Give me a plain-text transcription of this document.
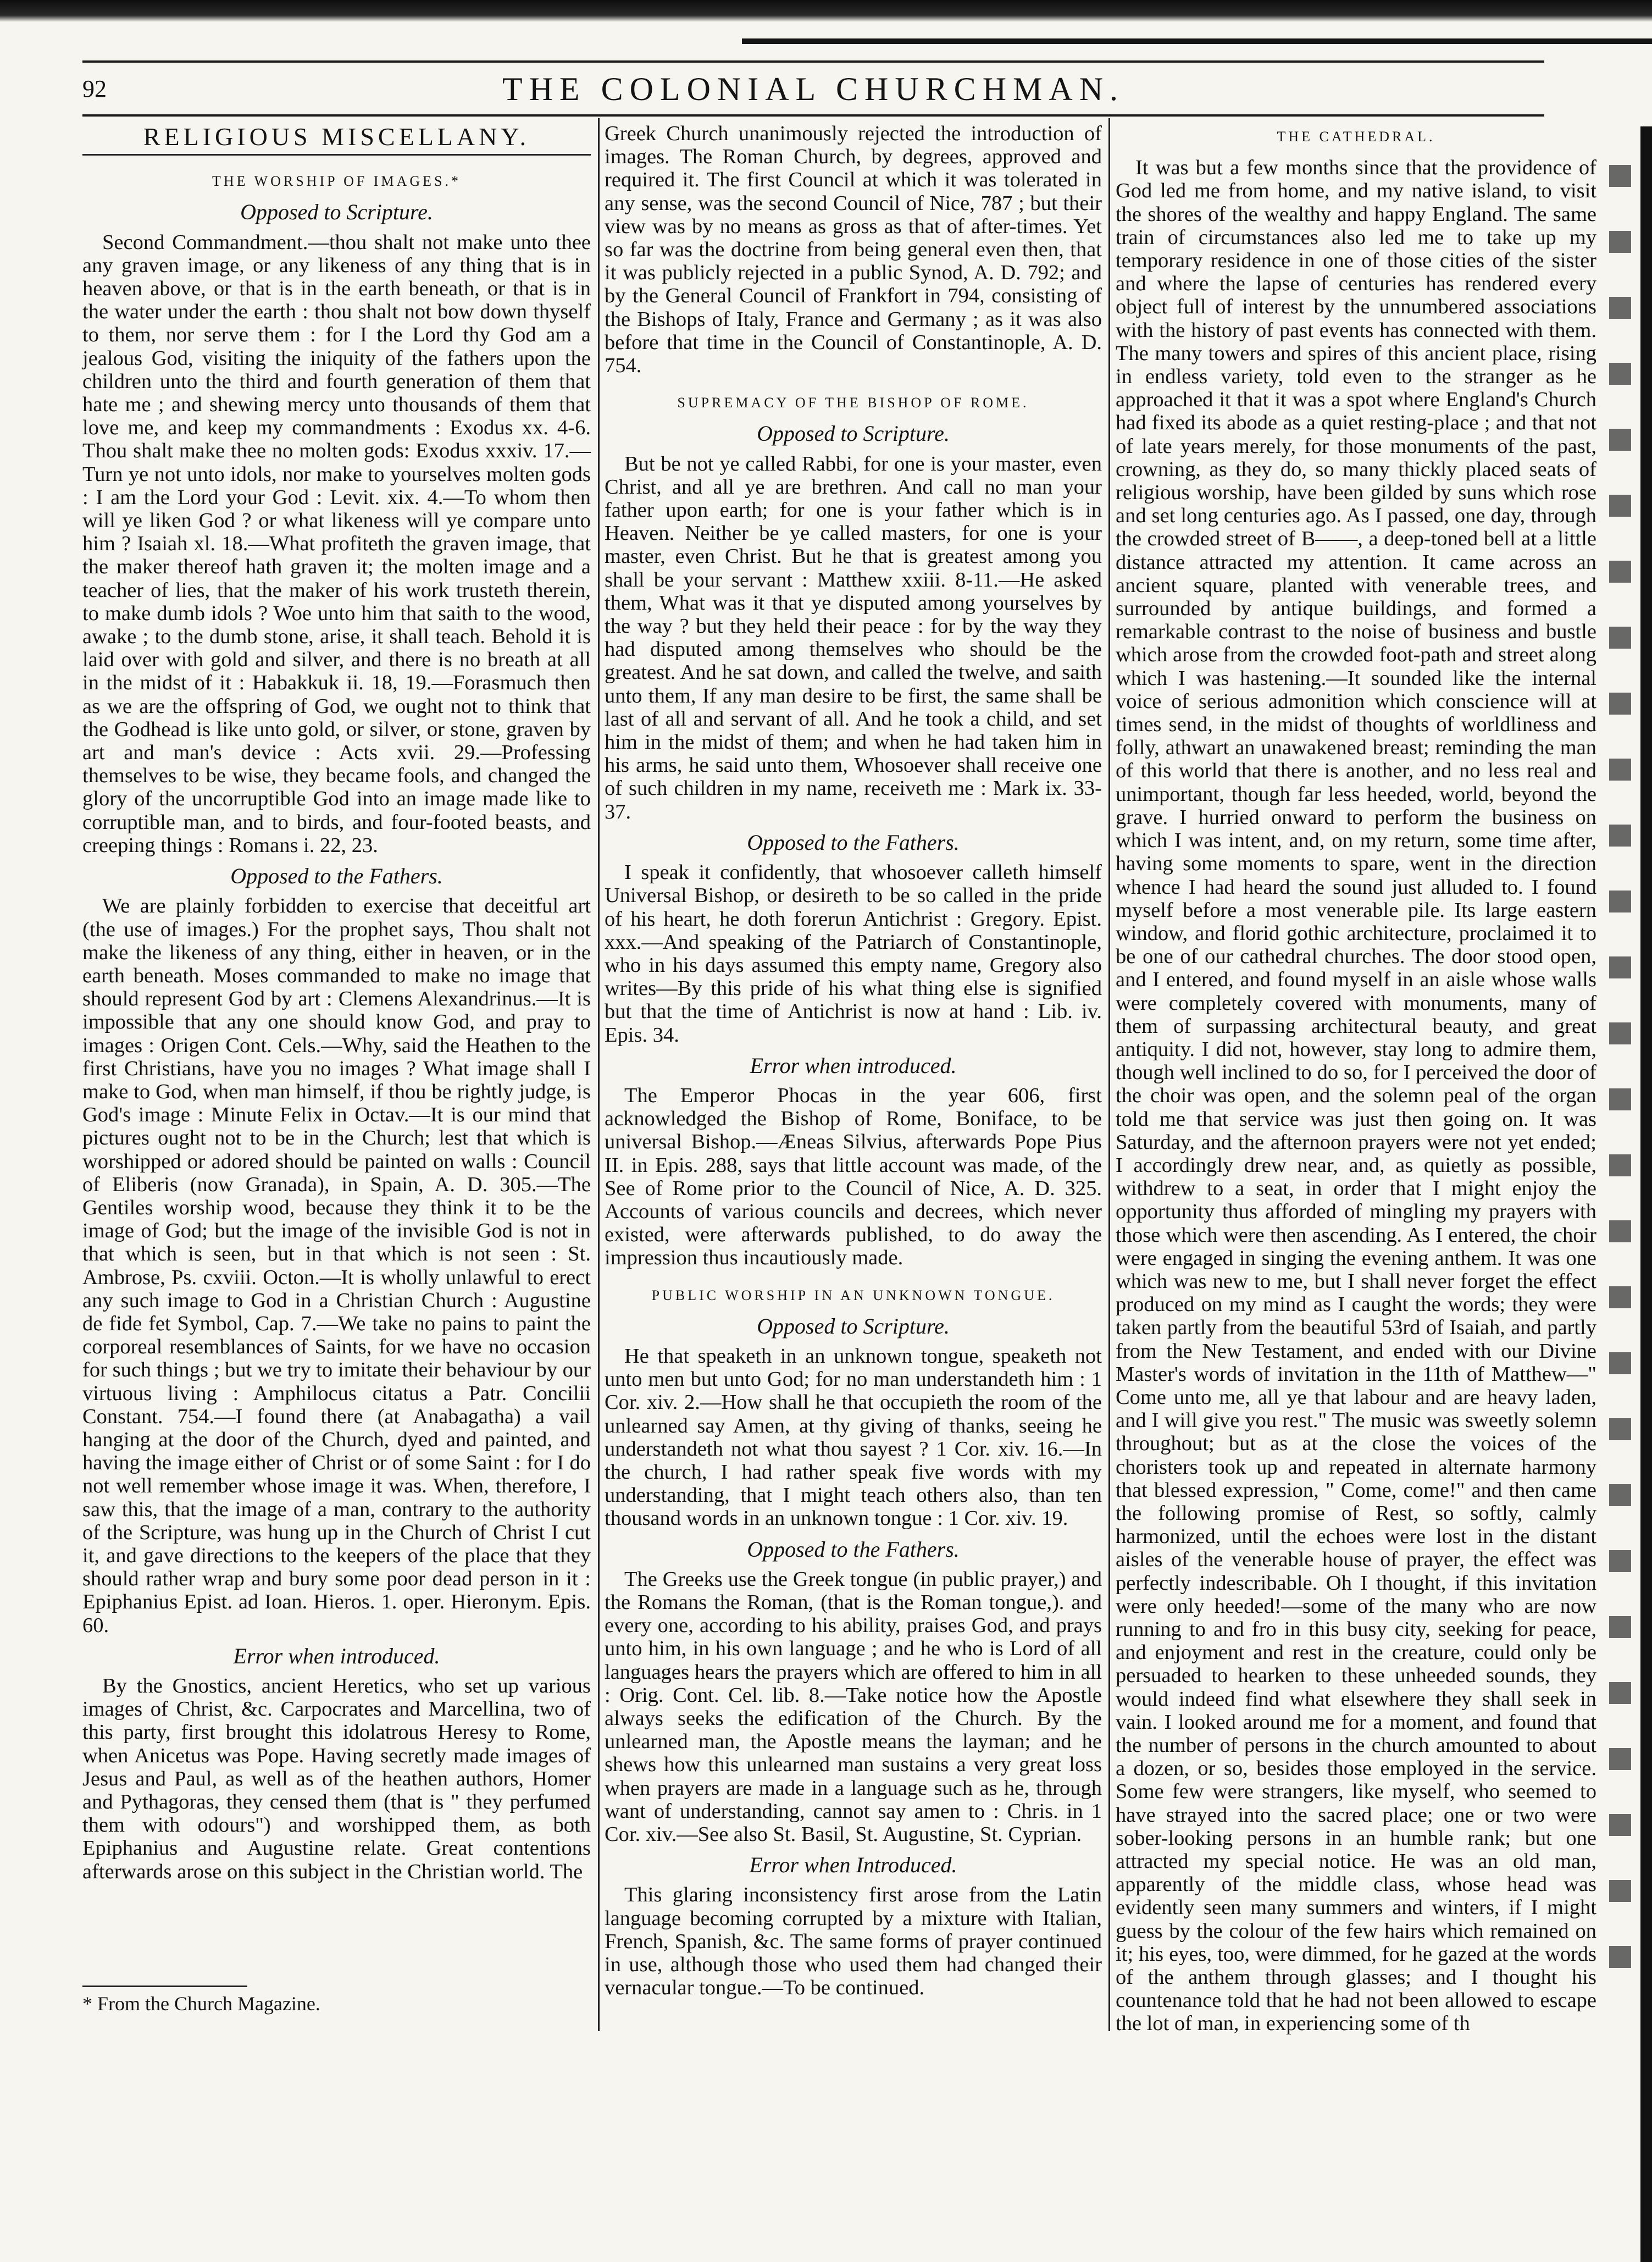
92	THE COLONIAL CHURCHMAN.
RELIGIOUS MISCELLANY.
THE WORSHIP OF IMAGES.*
Opposed to Scripture.

Second Commandment.—thou shalt not make unto thee any graven image, or any likeness of any thing that is in heaven above, or that is in the earth beneath, or that is in the water under the earth : thou shalt not bow down thyself to them, nor serve them : for I the Lord thy God am a jealous God, visiting the iniquity of the fathers upon the children unto the third and fourth generation of them that hate me ; and shewing mercy unto thousands of them that love me, and keep my commandments : Exodus xx. 4-6. Thou shalt make thee no molten gods: Exodus xxxiv. 17.—Turn ye not unto idols, nor make to yourselves molten gods : I am the Lord your God : Levit. xix. 4.—To whom then will ye liken God ? or what likeness will ye compare unto him ? Isaiah xl. 18.—What profiteth the graven image, that the maker thereof hath graven it; the molten image and a teacher of lies, that the maker of his work trusteth therein, to make dumb idols ? Woe unto him that saith to the wood, awake ; to the dumb stone, arise, it shall teach. Behold it is laid over with gold and silver, and there is no breath at all in the midst of it : Habakkuk ii. 18, 19.—Forasmuch then as we are the offspring of God, we ought not to think that the Godhead is like unto gold, or silver, or stone, graven by art and man's device : Acts xvii. 29.—Professing themselves to be wise, they became fools, and changed the glory of the uncorruptible God into an image made like to corruptible man, and to birds, and four-footed beasts, and creeping things : Romans i. 22, 23.

Opposed to the Fathers.

We are plainly forbidden to exercise that deceitful art (the use of images.) For the prophet says, Thou shalt not make the likeness of any thing, either in heaven, or in the earth beneath. Moses commanded to make no image that should represent God by art : Clemens Alexandrinus.—It is impossible that any one should know God, and pray to images : Origen Cont. Cels.—Why, said the Heathen to the first Christians, have you no images ? What image shall I make to God, when man himself, if thou be rightly judge, is God's image : Minute Felix in Octav.—It is our mind that pictures ought not to be in the Church; lest that which is worshipped or adored should be painted on walls : Council of Eliberis (now Granada), in Spain, A. D. 305.—The Gentiles worship wood, because they think it to be the image of God; but the image of the invisible God is not in that which is seen, but in that which is not seen : St. Ambrose, Ps. cxviii. Octon.—It is wholly unlawful to erect any such image to God in a Christian Church : Augustine de fide fet Symbol, Cap. 7.—We take no pains to paint the corporeal resemblances of Saints, for we have no occasion for such things ; but we try to imitate their behaviour by our virtuous living : Amphilocus citatus a Patr. Concilii Constant. 754.—I found there (at Anabagatha) a vail hanging at the door of the Church, dyed and painted, and having the image either of Christ or of some Saint : for I do not well remember whose image it was. When, therefore, I saw this, that the image of a man, contrary to the authority of the Scripture, was hung up in the Church of Christ I cut it, and gave directions to the keepers of the place that they should rather wrap and bury some poor dead person in it : Epiphanius Epist. ad Ioan. Hieros. 1. oper. Hieronym. Epis. 60.

Error when introduced.

By the Gnostics, ancient Heretics, who set up various images of Christ, &c. Carpocrates and Marcellina, two of this party, first brought this idolatrous Heresy to Rome, when Anicetus was Pope. Having secretly made images of Jesus and Paul, as well as of the heathen authors, Homer and Pythagoras, they censed them (that is " they perfumed them with odours") and worshipped them, as both Epiphanius and Augustine relate. Great contentions afterwards arose on this subject in the Christian world. The

* From the Church Magazine.

Greek Church unanimously rejected the introduction of images. The Roman Church, by degrees, approved and required it. The first Council at which it was tolerated in any sense, was the second Council of Nice, 787 ; but their view was by no means as gross as that of after-times. Yet so far was the doctrine from being general even then, that it was publicly rejected in a public Synod, A. D. 792; and by the General Council of Frankfort in 794, consisting of the Bishops of Italy, France and Germany ; as it was also before that time in the Council of Constantinople, A. D. 754.

SUPREMACY OF THE BISHOP OF ROME.
Opposed to Scripture.

But be not ye called Rabbi, for one is your master, even Christ, and all ye are brethren. And call no man your father upon earth; for one is your father which is in Heaven. Neither be ye called masters, for one is your master, even Christ. But he that is greatest among you shall be your servant : Matthew xxiii. 8-11.—He asked them, What was it that ye disputed among yourselves by the way ? but they held their peace : for by the way they had disputed among themselves who should be the greatest. And he sat down, and called the twelve, and saith unto them, If any man desire to be first, the same shall be last of all and servant of all. And he took a child, and set him in the midst of them; and when he had taken him in his arms, he said unto them, Whosoever shall receive one of such children in my name, receiveth me : Mark ix. 33-37.

Opposed to the Fathers.

I speak it confidently, that whosoever calleth himself Universal Bishop, or desireth to be so called in the pride of his heart, he doth forerun Antichrist : Gregory. Epist. xxx.—And speaking of the Patriarch of Constantinople, who in his days assumed this empty name, Gregory also writes—By this pride of his what thing else is signified but that the time of Antichrist is now at hand : Lib. iv. Epis. 34.

Error when introduced.

The Emperor Phocas in the year 606, first acknowledged the Bishop of Rome, Boniface, to be universal Bishop.—Æneas Silvius, afterwards Pope Pius II. in Epis. 288, says that little account was made, of the See of Rome prior to the Council of Nice, A. D. 325. Accounts of various councils and decrees, which never existed, were afterwards published, to do away the impression thus incautiously made.

PUBLIC WORSHIP IN AN UNKNOWN TONGUE.
Opposed to Scripture.

He that speaketh in an unknown tongue, speaketh not unto men but unto God; for no man understandeth him : 1 Cor. xiv. 2.—How shall he that occupieth the room of the unlearned say Amen, at thy giving of thanks, seeing he understandeth not what thou sayest ? 1 Cor. xiv. 16.—In the church, I had rather speak five words with my understanding, that I might teach others also, than ten thousand words in an unknown tongue : 1 Cor. xiv. 19.

Opposed to the Fathers.

The Greeks use the Greek tongue (in public prayer,) and the Romans the Roman, (that is the Roman tongue,). and every one, according to his ability, praises God, and prays unto him, in his own language ; and he who is Lord of all languages hears the prayers which are offered to him in all : Orig. Cont. Cel. lib. 8.—Take notice how the Apostle always seeks the edification of the Church. By the unlearned man, the Apostle means the layman; and he shews how this unlearned man sustains a very great loss when prayers are made in a language such as he, through want of understanding, cannot say amen to : Chris. in 1 Cor. xiv.—See also St. Basil, St. Augustine, St. Cyprian.

Error when Introduced.

This glaring inconsistency first arose from the Latin language becoming corrupted by a mixture with Italian, French, Spanish, &c. The same forms of prayer continued in use, although those who used them had changed their vernacular tongue.—To be continued.

THE CATHEDRAL.

It was but a few months since that the providence of God led me from home, and my native island, to visit the shores of the wealthy and happy England. The same train of circumstances also led me to take up my temporary residence in one of those cities of the sister and where the lapse of centuries has rendered every object full of interest by the unnumbered associations with the history of past events has connected with them. The many towers and spires of this ancient place, rising in endless variety, told even to the stranger as he approached it that it was a spot where England's Church had fixed its abode as a quiet resting-place ; and that not of late years merely, for those monuments of the past, crowning, as they do, so many thickly placed seats of religious worship, have been gilded by suns which rose and set long centuries ago. As I passed, one day, through the crowded street of B——, a deep-toned bell at a little distance attracted my attention. It came across an ancient square, planted with venerable trees, and surrounded by antique buildings, and formed a remarkable contrast to the noise of business and bustle which arose from the crowded foot-path and street along which I was hastening.—It sounded like the internal voice of serious admonition which conscience will at times send, in the midst of thoughts of worldliness and folly, athwart an unawakened breast; reminding the man of this world that there is another, and no less real and unimportant, though far less heeded, world, beyond the grave. I hurried onward to perform the business on which I was intent, and, on my return, some time after, having some moments to spare, went in the direction whence I had heard the sound just alluded to. I found myself before a most venerable pile. Its large eastern window, and florid gothic architecture, proclaimed it to be one of our cathedral churches. The door stood open, and I entered, and found myself in an aisle whose walls were completely covered with monuments, many of them of surpassing architectural beauty, and great antiquity. I did not, however, stay long to admire them, though well inclined to do so, for I perceived the door of the choir was open, and the solemn peal of the organ told me that service was just then going on. It was Saturday, and the afternoon prayers were not yet ended; I accordingly drew near, and, as quietly as possible, withdrew to a seat, in order that I might enjoy the opportunity thus afforded of mingling my prayers with those which were then ascending. As I entered, the choir were engaged in singing the evening anthem. It was one which was new to me, but I shall never forget the effect produced on my mind as I caught the words; they were taken partly from the beautiful 53rd of Isaiah, and partly from the New Testament, and ended with our Divine Master's words of invitation in the 11th of Matthew—" Come unto me, all ye that labour and are heavy laden, and I will give you rest." The music was sweetly solemn throughout; but as at the close the voices of the choristers took up and repeated in alternate harmony that blessed expression, " Come, come!" and then came the following promise of Rest, so softly, calmly harmonized, until the echoes were lost in the distant aisles of the venerable house of prayer, the effect was perfectly indescribable. Oh I thought, if this invitation were only heeded!—some of the many who are now running to and fro in this busy city, seeking for peace, and enjoyment and rest in the creature, could only be persuaded to hearken to these unheeded sounds, they would indeed find what elsewhere they shall seek in vain. I looked around me for a moment, and found that the number of persons in the church amounted to about a dozen, or so, besides those employed in the service. Some few were strangers, like myself, who seemed to have strayed into the sacred place; one or two were sober-looking persons in an humble rank; but one attracted my special notice. He was an old man, apparently of the middle class, whose head was evidently seen many summers and winters, if I might guess by the colour of the few hairs which remained on it; his eyes, too, were dimmed, for he gazed at the words of the anthem through glasses; and I thought his countenance told that he had not been allowed to escape the lot of man, in experiencing some of th
